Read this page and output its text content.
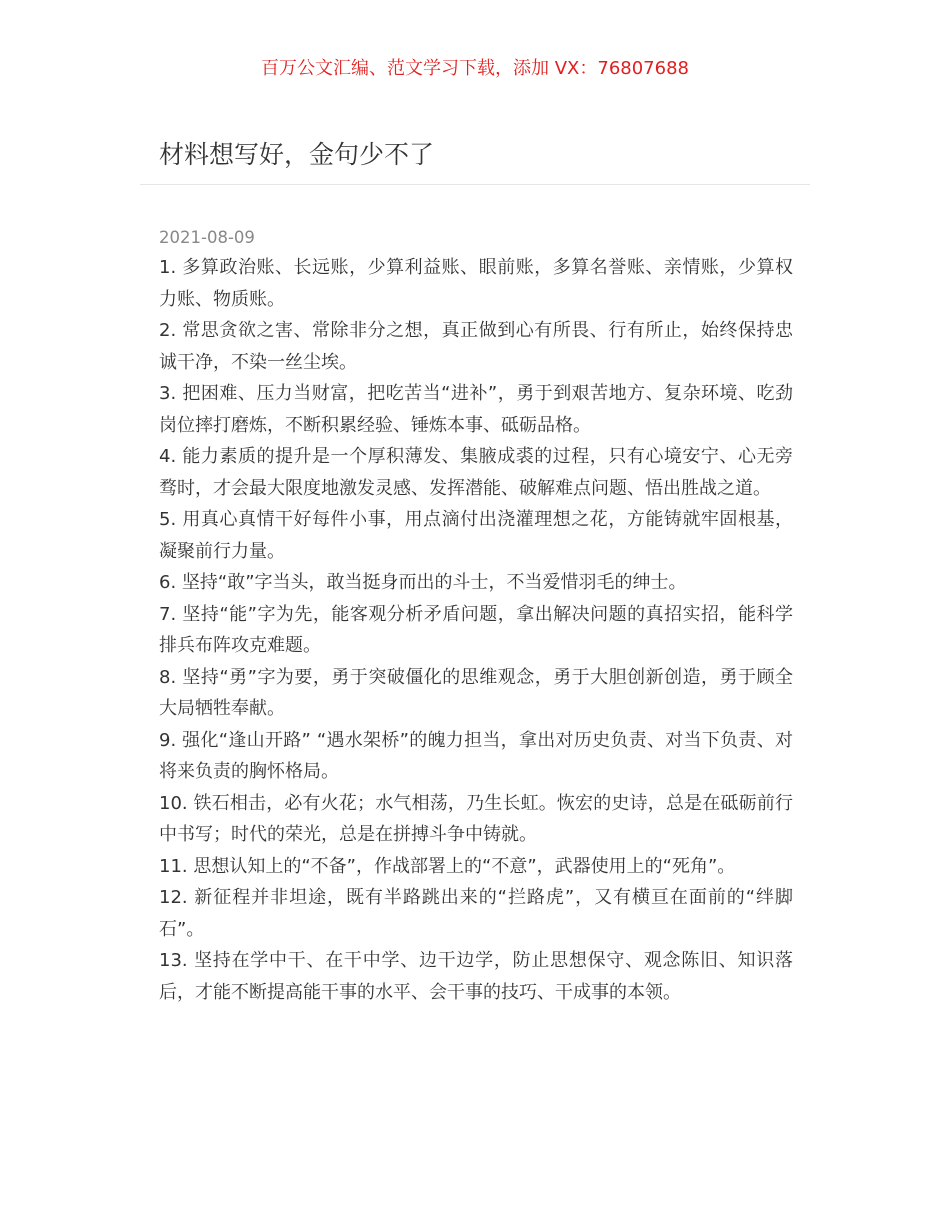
百万公文汇编、范文学习下载，添加 VX：76807688
材料想写好，金句少不了
2021-08-09

1. 多算政治账、长远账，少算利益账、眼前账，多算名誉账、亲情账，少算权力账、物质账。

2. 常思贪欲之害、常除非分之想，真正做到心有所畏、行有所止，始终保持忠诚干净，不染一丝尘埃。

3. 把困难、压力当财富，把吃苦当“进补”，勇于到艰苦地方、复杂环境、吃劲岗位摔打磨炼，不断积累经验、锤炼本事、砥砺品格。

4. 能力素质的提升是一个厚积薄发、集腋成裘的过程，只有心境安宁、心无旁骛时，才会最大限度地激发灵感、发挥潜能、破解难点问题、悟出胜战之道。

5. 用真心真情干好每件小事，用点滴付出浇灌理想之花，方能铸就牢固根基，凝聚前行力量。

6. 坚持“敢”字当头，敢当挺身而出的斗士，不当爱惜羽毛的绅士。

7. 坚持“能”字为先，能客观分析矛盾问题，拿出解决问题的真招实招，能科学排兵布阵攻克难题。

8. 坚持“勇”字为要，勇于突破僵化的思维观念，勇于大胆创新创造，勇于顾全大局牺牲奉献。

9. 强化“逢山开路” “遇水架桥”的魄力担当，拿出对历史负责、对当下负责、对将来负责的胸怀格局。

10. 铁石相击，必有火花；水气相荡，乃生长虹。恢宏的史诗，总是在砥砺前行中书写；时代的荣光，总是在拼搏斗争中铸就。

11. 思想认知上的“不备”，作战部署上的“不意”，武器使用上的“死角”。

12. 新征程并非坦途，既有半路跳出来的“拦路虎”，又有横亘在面前的“绊脚石”。

13. 坚持在学中干、在干中学、边干边学，防止思想保守、观念陈旧、知识落后，才能不断提高能干事的水平、会干事的技巧、干成事的本领。
